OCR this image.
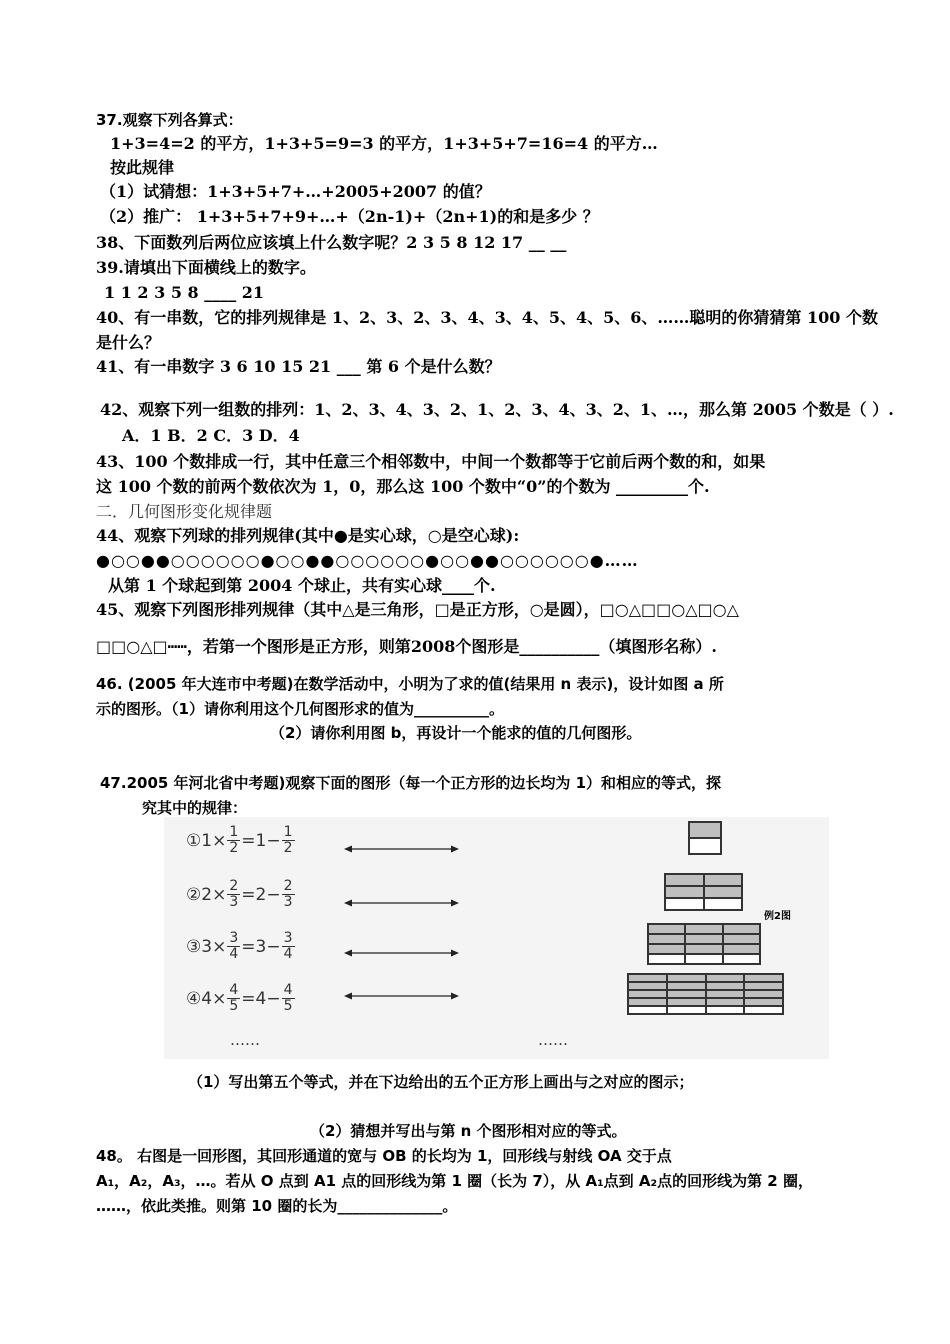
37.观察下列各算式：
1+3=4=2 的平方，1+3+5=9=3 的平方，1+3+5+7=16=4 的平方…
按此规律
（1）试猜想：1+3+5+7+…+2005+2007 的值？
（2）推广： 1+3+5+7+9+…+（2n-1)+（2n+1)的和是多少 ？
38、下面数列后两位应该填上什么数字呢？2 3 5 8 12 17 __ __
39.请填出下面横线上的数字。
1 1 2 3 5 8 ____ 21
40、有一串数，它的排列规律是 1、2、3、2、3、4、3、4、5、4、5、6、……聪明的你猜猜第 100 个数
是什么？
41、有一串数字 3 6 10 15 21 ___ 第 6 个是什么数？
42、观察下列一组数的排列：1、2、3、4、3、2、1、2、3、4、3、2、1、…，那么第 2005 个数是（ ）.
A．1 B．2 C．3 D．4
43、100 个数排成一行，其中任意三个相邻数中，中间一个数都等于它前后两个数的和，如果
这 100 个数的前两个数依次为 1，0，那么这 100 个数中“0”的个数为 _________个.
二．几何图形变化规律题
44、观察下列球的排列规律(其中●是实心球，○是空心球):
●○○●●○○○○○○●○○●●○○○○○○●○○●●○○○○○○●……
从第 1 个球起到第 2004 个球止，共有实心球____个.
45、观察下列图形排列规律（其中△是三角形，□是正方形，○是圆），□○△□□○△□○△
□□○△□┅┅，若第一个图形是正方形，则第2008个图形是__________（填图形名称）.
46. (2005 年大连市中考题)在数学活动中，小明为了求的值(结果用 n 表示)，设计如图 a 所
示的图形。（1）请你利用这个几何图形求的值为__________。
（2）请你利用图 b，再设计一个能求的值的几何图形。
47.2005 年河北省中考题)观察下面的图形（每一个正方形的边长均为 1）和相应的等式，探
究其中的规律：
① $1 \times \frac{1}{2} = 1 - \frac{1}{2}$
② $2 \times \frac{2}{3} = 2 - \frac{2}{3}$
③ $3 \times \frac{3}{4} = 3 - \frac{3}{4}$
④ $4 \times \frac{4}{5} = 4 - \frac{4}{5}$
……	……
例2图
（1）写出第五个等式，并在下边给出的五个正方形上画出与之对应的图示；
（2）猜想并写出与第 n 个图形相对应的等式。
48。 右图是一回形图，其回形通道的宽与 OB 的长均为 1，回形线与射线 OA 交于点
A₁，A₂，A₃，…。若从 O 点到 A1 点的回形线为第 1 圈（长为 7），从 A₁点到 A₂点的回形线为第 2 圈，
……，依此类推。则第 10 圈的长为______________。
